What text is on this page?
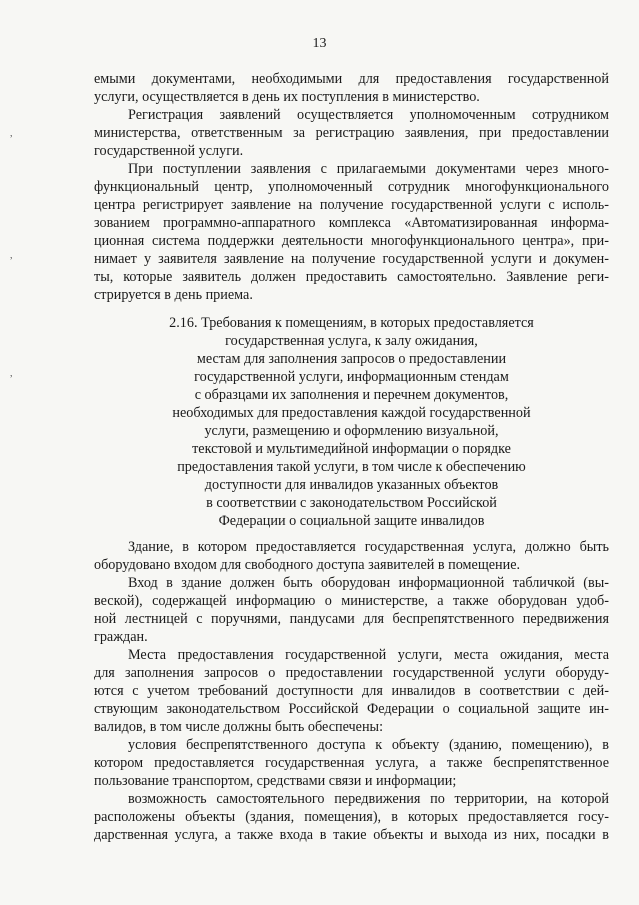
13
,
,
,
емыми документами, необходимыми для предоставления государственной
услуги, осуществляется в день их поступления в министерство.
Регистрация заявлений осуществляется уполномоченным сотрудником
министерства, ответственным за регистрацию заявления, при предоставлении
государственной услуги.
При поступлении заявления с прилагаемыми документами через много-
функциональный центр, уполномоченный сотрудник многофункционального
центра регистрирует заявление на получение государственной услуги с исполь-
зованием программно-аппаратного комплекса «Автоматизированная информа-
ционная система поддержки деятельности многофункционального центра», при-
нимает у заявителя заявление на получение государственной услуги и докумен-
ты, которые заявитель должен предоставить самостоятельно. Заявление реги-
стрируется в день приема.
2.16. Требования к помещениям, в которых предоставляется
государственная услуга, к залу ожидания,
местам для заполнения запросов о предоставлении
государственной услуги, информационным стендам
с образцами их заполнения и перечнем документов,
необходимых для предоставления каждой государственной
услуги, размещению и оформлению визуальной,
текстовой и мультимедийной информации о порядке
предоставления такой услуги, в том числе к обеспечению
доступности для инвалидов указанных объектов
в соответствии с законодательством Российской
Федерации о социальной защите инвалидов
Здание, в котором предоставляется государственная услуга, должно быть
оборудовано входом для свободного доступа заявителей в помещение.
Вход в здание должен быть оборудован информационной табличкой (вы-
веской), содержащей информацию о министерстве, а также оборудован удоб-
ной лестницей с поручнями, пандусами для беспрепятственного передвижения
граждан.
Места предоставления государственной услуги, места ожидания, места
для заполнения запросов о предоставлении государственной услуги оборуду-
ются с учетом требований доступности для инвалидов в соответствии с дей-
ствующим законодательством Российской Федерации о социальной защите ин-
валидов, в том числе должны быть обеспечены:
условия беспрепятственного доступа к объекту (зданию, помещению), в
котором предоставляется государственная услуга, а также беспрепятственное
пользование транспортом, средствами связи и информации;
возможность самостоятельного передвижения по территории, на которой
расположены объекты (здания, помещения), в которых предоставляется госу-
дарственная услуга, а также входа в такие объекты и выхода из них, посадки в
